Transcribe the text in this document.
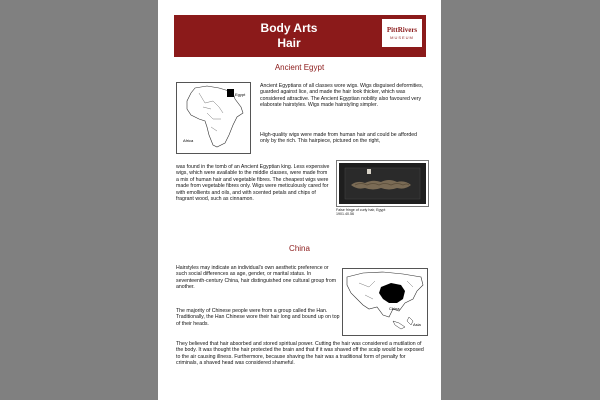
Body Arts
Hair
PittRivers
MUSEUM
Ancient Egypt
Egypt
Africa

Ancient Egyptians of all classes wore wigs. Wigs disguised deformities, guarded against lice, and made the hair look thicker, which was considered attractive. The Ancient Egyptian nobility also favoured very elaborate hairstyles. Wigs made hairstyling simpler.

High-quality wigs were made from human hair and could be afforded only by the rich. This hairpiece, pictured on the right,

was found in the tomb of an Ancient Egyptian king. Less expensive wigs, which were available to the middle classes, were made from a mix of human hair and vegetable fibres. The cheapest wigs were made from vegetable fibres only. Wigs were meticulously cared for with emollients and oils, and with scented petals and chips of fragrant wood, such as cinnamon.

False fringe of curly hair, Egypt
1901.40.56
China

Hairstyles may indicate an individual's own aesthetic preference or such social differences as age, gender, or marital status. In seventeenth-century China, hair distinguished one cultural group from another.

The majority of Chinese people were from a group called the Han. Traditionally, the Han Chinese wore their hair long and bound up on top of their heads.

China
Asia

They believed that hair absorbed and stored spiritual power. Cutting the hair was considered a mutilation of the body. It was thought the hair protected the brain and that if it was shaved off the scalp would be exposed to the air causing illness. Furthermore, because shaving the hair was a traditional form of penalty for criminals, a shaved head was considered shameful.
